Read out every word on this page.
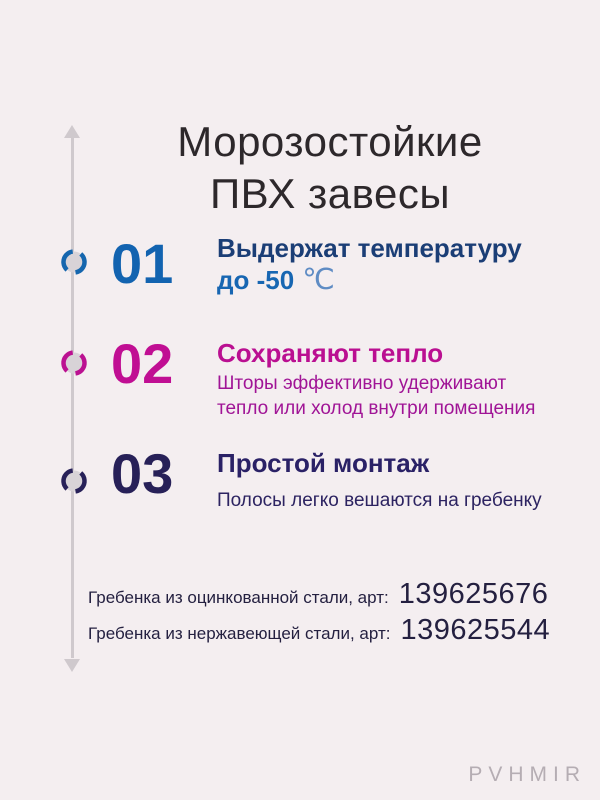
Морозостойкие
ПВХ завесы
01 Выдержат температуру
до -50 ℃
02 Сохраняют тепло
Шторы эффективно удерживают
тепло или холод внутри помещения
03 Простой монтаж
Полосы легко вешаются на гребенку
Гребенка из оцинкованной стали, арт: 139625676
Гребенка из нержавеющей стали, арт: 139625544
PVHMIR
